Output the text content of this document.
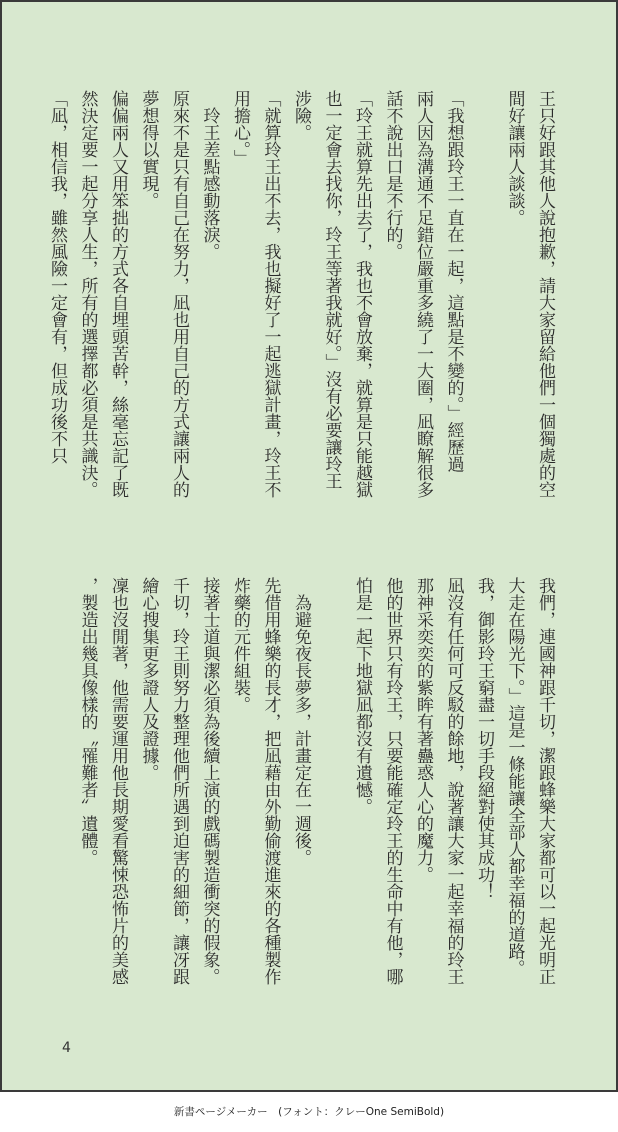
王只好跟其他人說抱歉，請大家留給他們一個獨處的空

間好讓兩人談談。

「我想跟玲王一直在一起，這點是不變的。」經歷過

兩人因為溝通不足錯位嚴重多繞了一大圈，凪瞭解很多

話不說出口是不行的。

「玲王就算先出去了，我也不會放棄，就算是只能越獄

也一定會去找你，玲王等著我就好。」沒有必要讓玲王

涉險。

「就算玲王出不去，我也擬好了一起逃獄計畫，玲王不

用擔心。」

　玲王差點感動落淚。

原來不是只有自己在努力，凪也用自己的方式讓兩人的

夢想得以實現。

偏偏兩人又用笨拙的方式各自埋頭苦幹，絲毫忘記了既

然決定要一起分享人生，所有的選擇都必須是共識決。

「凪，相信我，雖然風險一定會有，但成功後不只

我們，連國神跟千切，潔跟蜂樂大家都可以一起光明正

大走在陽光下。」這是一條能讓全部人都幸福的道路。

我，御影玲王窮盡一切手段絕對使其成功！

凪沒有任何可反駁的餘地，說著讓大家一起幸福的玲王

那神采奕奕的紫眸有著蠱惑人心的魔力。

他的世界只有玲王，只要能確定玲王的生命中有他，哪

怕是一起下地獄凪都沒有遺憾。

　為避免夜長夢多，計畫定在一週後。

先借用蜂樂的長才，把凪藉由外勤偷渡進來的各種製作

炸藥的元件組裝。

接著士道與潔必須為後續上演的戲碼製造衝突的假象。

千切，玲王則努力整理他們所遇到迫害的細節，讓冴跟

繪心搜集更多證人及證據。

凜也沒閒著，他需要運用他長期愛看驚悚恐怖片的美感

，製造出幾具像樣的〝罹難者〞遺體。

4
新書ページメーカー　(フォント：クレーOne SemiBold)
